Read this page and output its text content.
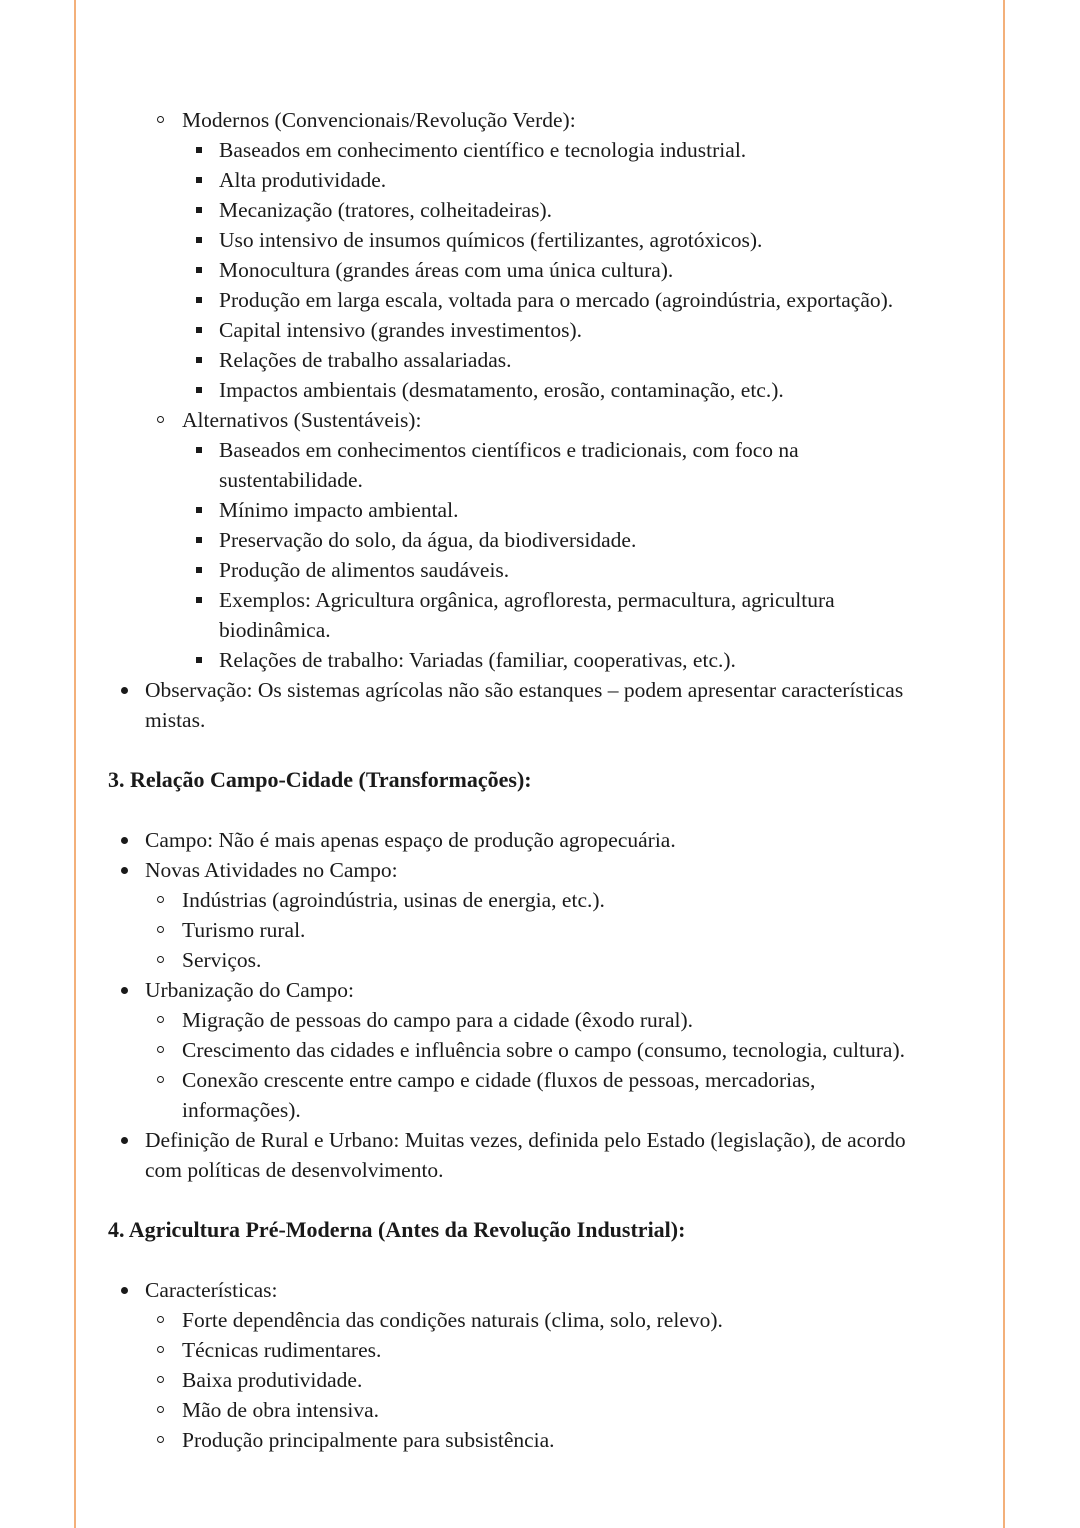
Modernos (Convencionais/Revolução Verde):
Baseados em conhecimento científico e tecnologia industrial.
Alta produtividade.
Mecanização (tratores, colheitadeiras).
Uso intensivo de insumos químicos (fertilizantes, agrotóxicos).
Monocultura (grandes áreas com uma única cultura).
Produção em larga escala, voltada para o mercado (agroindústria, exportação).
Capital intensivo (grandes investimentos).
Relações de trabalho assalariadas.
Impactos ambientais (desmatamento, erosão, contaminação, etc.).
Alternativos (Sustentáveis):
Baseados em conhecimentos científicos e tradicionais, com foco na sustentabilidade.
Mínimo impacto ambiental.
Preservação do solo, da água, da biodiversidade.
Produção de alimentos saudáveis.
Exemplos: Agricultura orgânica, agrofloresta, permacultura, agricultura biodinâmica.
Relações de trabalho: Variadas (familiar, cooperativas, etc.).
Observação: Os sistemas agrícolas não são estanques – podem apresentar características mistas.

3. Relação Campo-Cidade (Transformações):

Campo: Não é mais apenas espaço de produção agropecuária.
Novas Atividades no Campo:
Indústrias (agroindústria, usinas de energia, etc.).
Turismo rural.
Serviços.
Urbanização do Campo:
Migração de pessoas do campo para a cidade (êxodo rural).
Crescimento das cidades e influência sobre o campo (consumo, tecnologia, cultura).
Conexão crescente entre campo e cidade (fluxos de pessoas, mercadorias, informações).
Definição de Rural e Urbano: Muitas vezes, definida pelo Estado (legislação), de acordo com políticas de desenvolvimento.

4. Agricultura Pré-Moderna (Antes da Revolução Industrial):

Características:
Forte dependência das condições naturais (clima, solo, relevo).
Técnicas rudimentares.
Baixa produtividade.
Mão de obra intensiva.
Produção principalmente para subsistência.
